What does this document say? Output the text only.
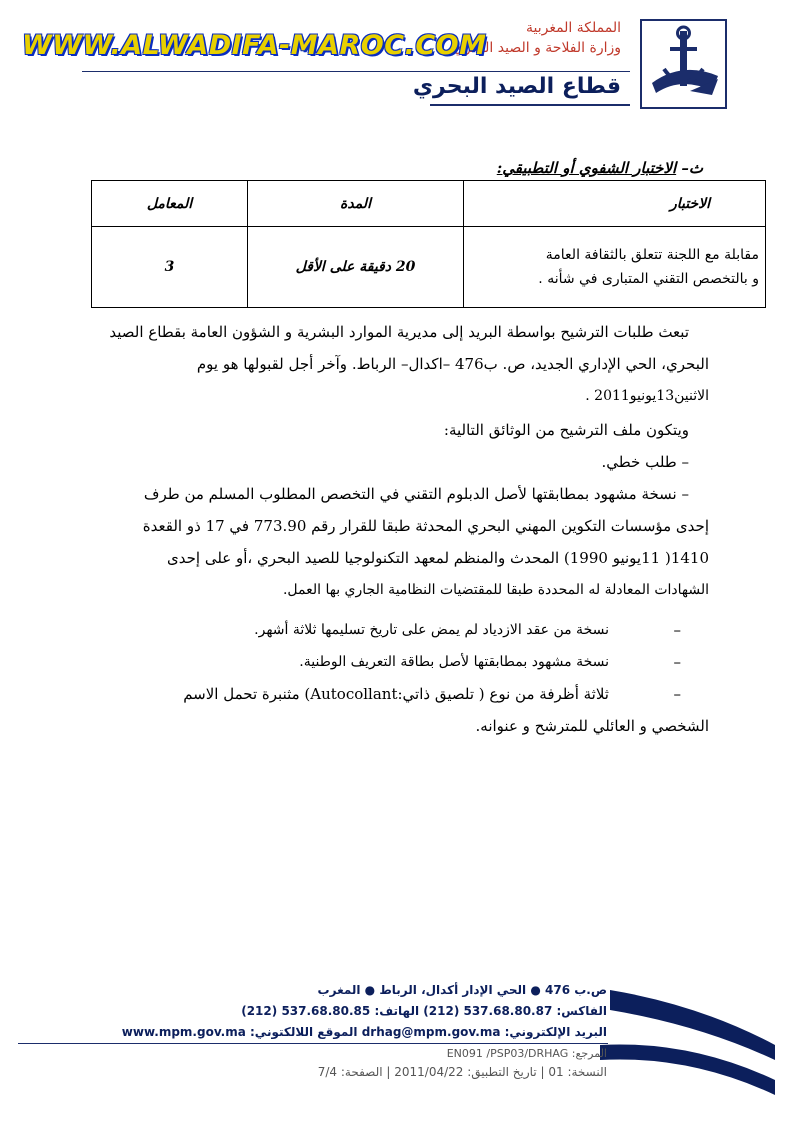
المملكة المغربية
وزارة الفلاحة و الصيد البحري
قطاع الصيد البحري
WWW.ALWADIFA-MAROC.COM
ث– الاختبار الشفوي أو التطبيقي:
الاختبار	المدة	المعامل

مقابلة مع اللجنة تتعلق بالثقافة العامة
و بالتخصص التقني المتبارى في شأنه .	20 دقيقة على الأقل	3
تبعث طلبات الترشيح بواسطة البريد إلى مديرية الموارد البشرية و الشؤون العامة بقطاع الصيد
البحري، الحي الإداري الجديد، ص. ب476 –اكدال– الرباط. وآخر أجل لقبولها هو يوم
الاثنين13يونيو2011 .
ويتكون ملف الترشيح من الوثائق التالية:
– طلب خطي.
– نسخة مشهود بمطابقتها لأصل الدبلوم التقني في التخصص المطلوب المسلم من طرف
إحدى مؤسسات التكوين المهني البحري المحدثة طبقا للقرار رقم 773.90 في 17 ذو القعدة
1410( 11يونيو 1990) المحدث والمنظم لمعهد التكنولوجيا للصيد البحري ،أو على إحدى
الشهادات المعادلة له المحددة طبقا للمقتضيات النظامية الجاري بها العمل.
–
نسخة من عقد الازدياد لم يمض على تاريخ تسليمها ثلاثة أشهر.
–
نسخة مشهود بمطابقتها لأصل بطاقة التعريف الوطنية.
–
ثلاثة أظرفة من نوع ( تلصيق ذاتي:Autocollant) مثنبرة تحمل الاسم
الشخصي و العائلي للمترشح و عنوانه.
ص.ب 476 ● الحي الإدار أكدال، الرباط ● المغرب
الفاكس: 537.68.80.87 (212) الهاتف: 537.68.80.85 (212)
البريد الإلكتروني: drhag@mpm.gov.ma الموقع اللالكتوني: www.mpm.gov.ma
المرجع: EN091 /PSP03/DRHAG
النسخة: 01 | تاريخ التطبيق: 2011/04/22 | الصفحة: 7/4
